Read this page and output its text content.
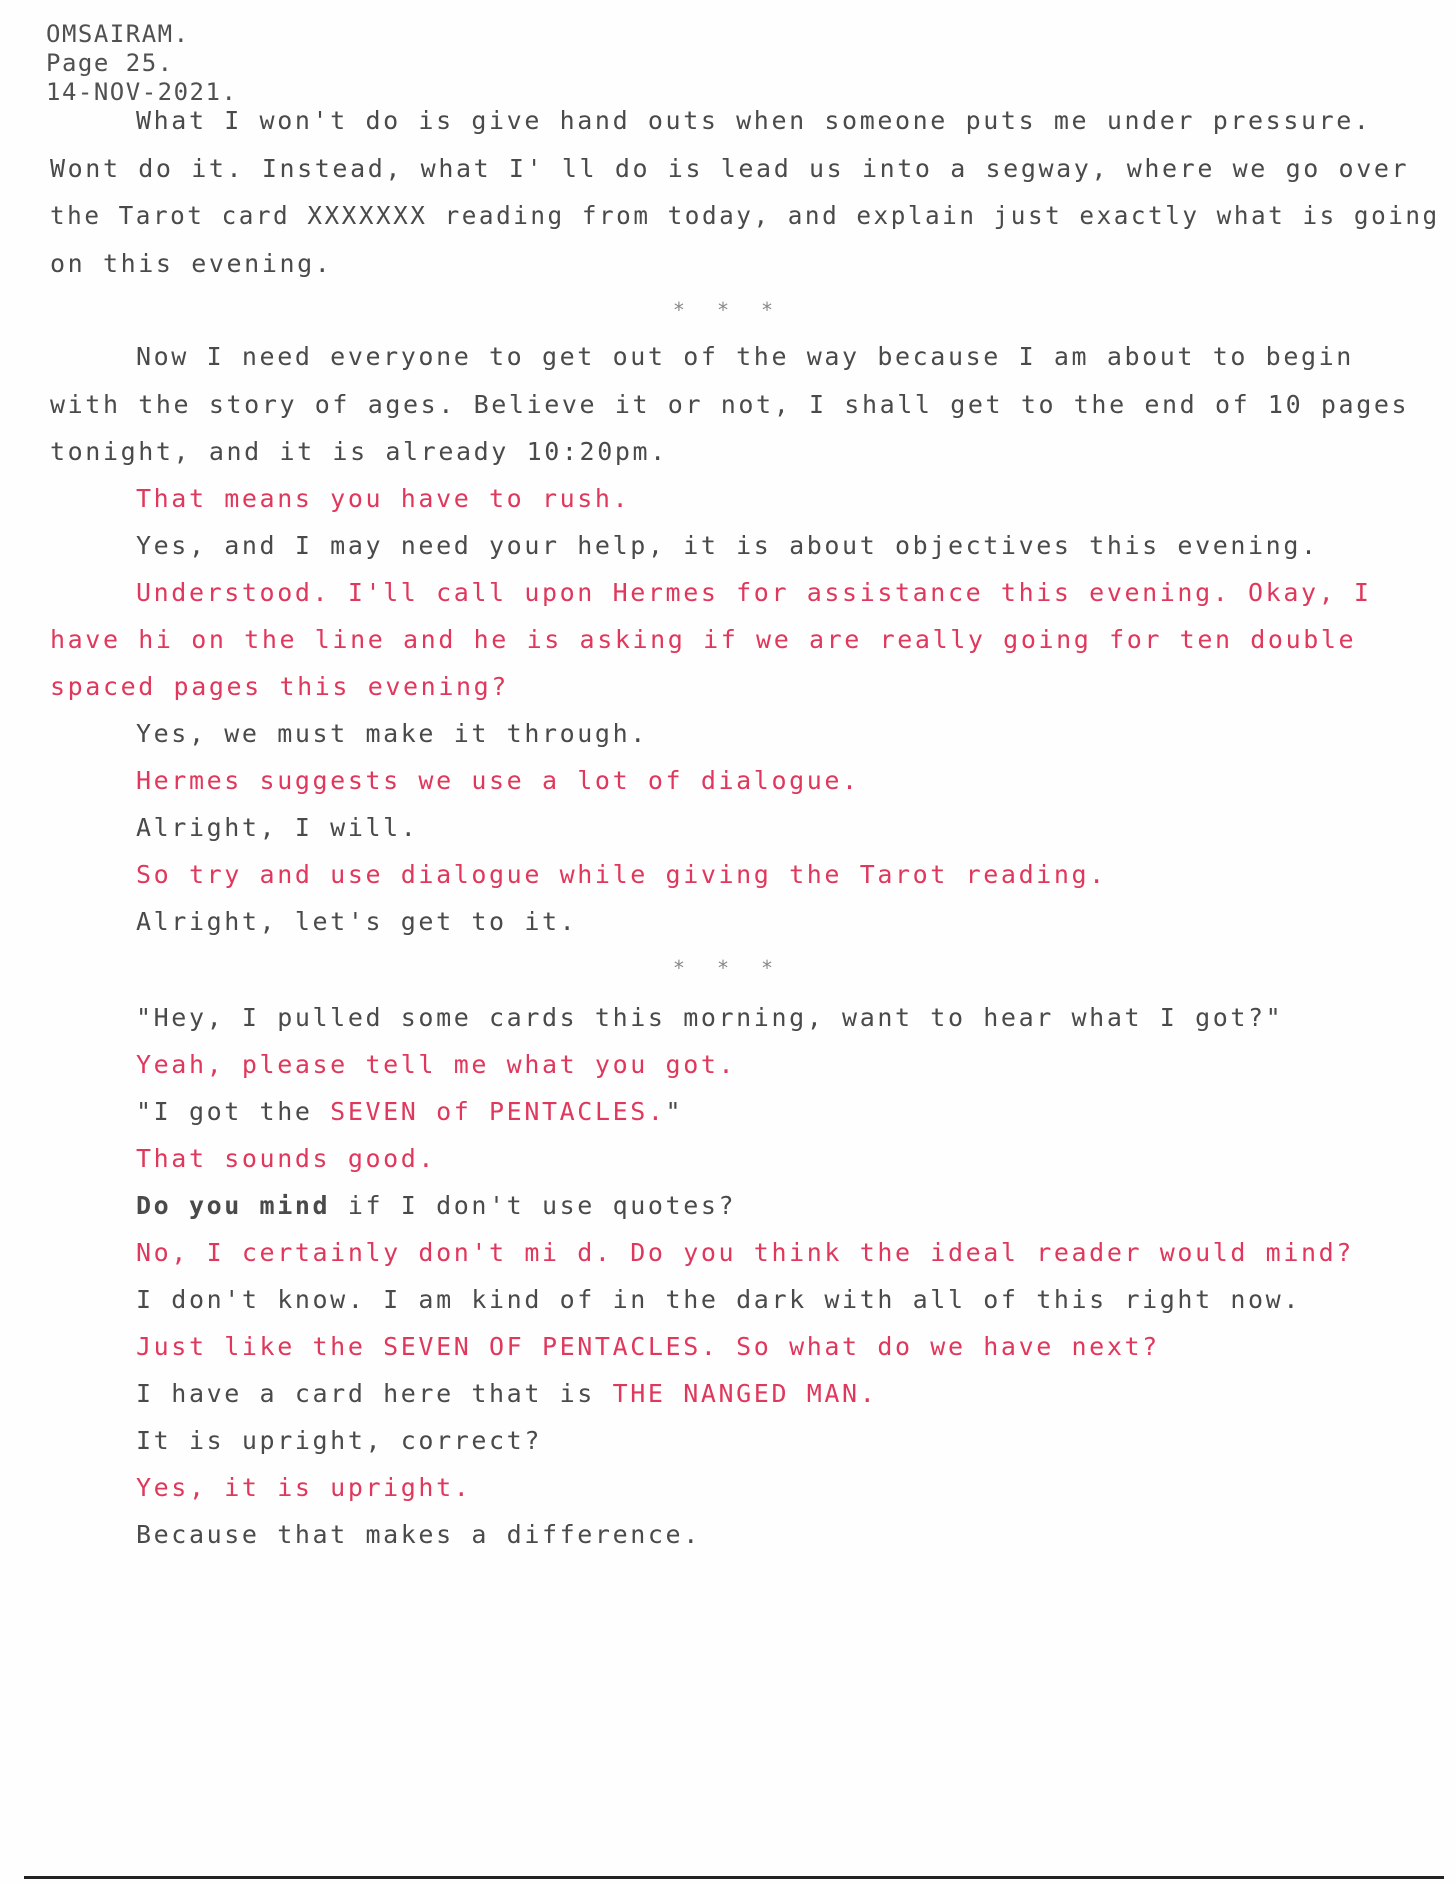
OMSAIRAM.
Page 25.
14-NOV-2021.
What I won't do is give hand outs when someone puts me under pressure.
Wont do it. Instead, what I' ll do is lead us into a segway, where we go over
the Tarot card XXXXXXX reading from today, and explain just exactly what is going
on this evening.
* * *
Now I need everyone to get out of the way because I am about to begin
with the story of ages. Believe it or not, I shall get to the end of 10 pages
tonight, and it is already 10:20pm.
That means you have to rush.
Yes, and I may need your help, it is about objectives this evening.
Understood. I'll call upon Hermes for assistance this evening. Okay, I
have hi on the line and he is asking if we are really going for ten double
spaced pages this evening?
Yes, we must make it through.
Hermes suggests we use a lot of dialogue.
Alright, I will.
So try and use dialogue while giving the Tarot reading.
Alright, let's get to it.
* * *
"Hey, I pulled some cards this morning, want to hear what I got?"
Yeah, please tell me what you got.
"I got the SEVEN of PENTACLES."
That sounds good.
Do you mind if I don't use quotes?
No, I certainly don't mi d. Do you think the ideal reader would mind?
I don't know. I am kind of in the dark with all of this right now.
Just like the SEVEN OF PENTACLES. So what do we have next?
I have a card here that is THE NANGED MAN.
It is upright, correct?
Yes, it is upright.
Because that makes a difference.
